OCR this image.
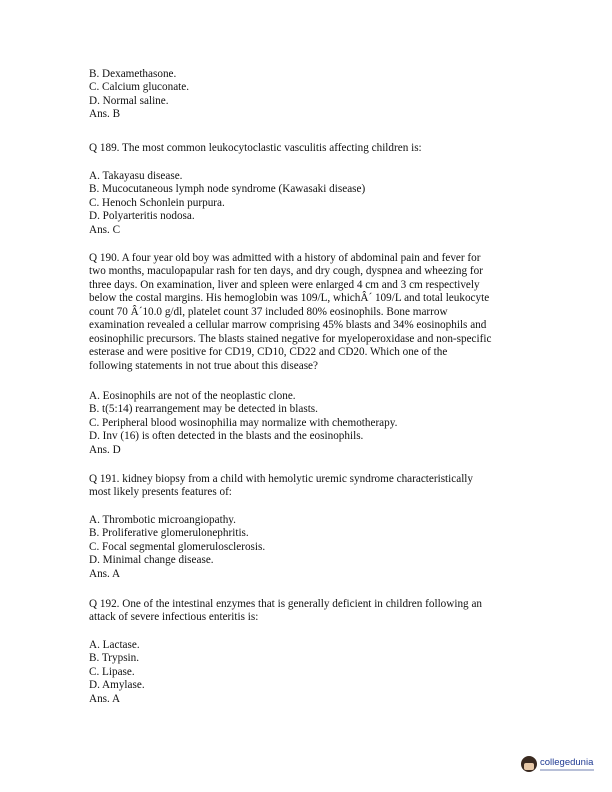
B. Dexamethasone.
C. Calcium gluconate.
D. Normal saline.
Ans. B
Q 189. The most common leukocytoclastic vasculitis affecting children is:
A. Takayasu disease.
B. Mucocutaneous lymph node syndrome (Kawasaki disease)
C. Henoch Schonlein purpura.
D. Polyarteritis nodosa.
Ans. C
Q 190. A four year old boy was admitted with a history of abdominal pain and fever for
two months, maculopapular rash for ten days, and dry cough, dyspnea and wheezing for
three days. On examination, liver and spleen were enlarged 4 cm and 3 cm respectively
below the costal margins. His hemoglobin was 109/L, whichÂ´ 109/L and total leukocyte
count 70 Â´10.0 g/dl, platelet count 37 included 80% eosinophils. Bone marrow
examination revealed a cellular marrow comprising 45% blasts and 34% eosinophils and
eosinophilic precursors. The blasts stained negative for myeloperoxidase and non-specific
esterase and were positive for CD19, CD10, CD22 and CD20. Which one of the
following statements in not true about this disease?
A. Eosinophils are not of the neoplastic clone.
B. t(5:14) rearrangement may be detected in blasts.
C. Peripheral blood wosinophilia may normalize with chemotherapy.
D. Inv (16) is often detected in the blasts and the eosinophils.
Ans. D
Q 191. kidney biopsy from a child with hemolytic uremic syndrome characteristically
most likely presents features of:
A. Thrombotic microangiopathy.
B. Proliferative glomerulonephritis.
C. Focal segmental glomerulosclerosis.
D. Minimal change disease.
Ans. A
Q 192. One of the intestinal enzymes that is generally deficient in children following an
attack of severe infectious enteritis is:
A. Lactase.
B. Trypsin.
C. Lipase.
D. Amylase.
Ans. A
collegedunia
